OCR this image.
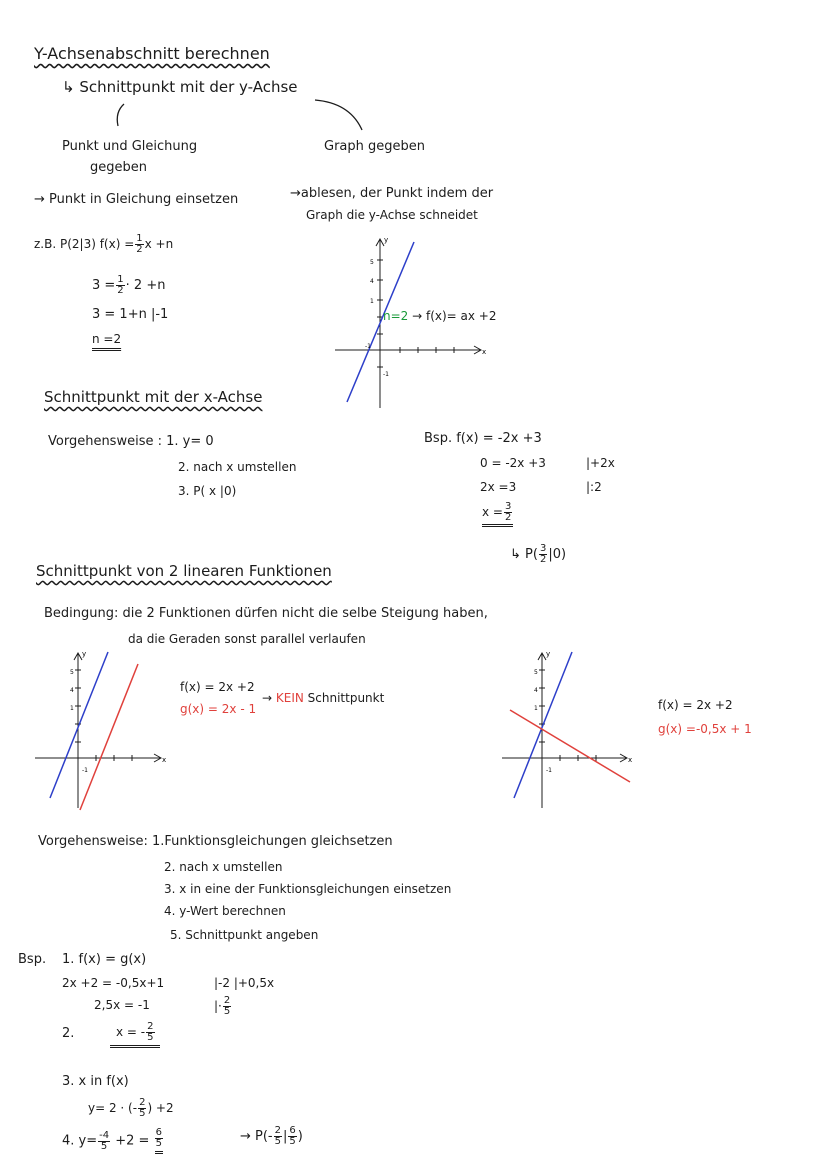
Y-Achsenabschnitt berechnen
↳ Schnittpunkt mit der y-Achse
Punkt und Gleichung
gegeben
→ Punkt in Gleichung einsetzen
Graph gegeben
→ablesen, der Punkt indem der
Graph die y-Achse schneidet
z.B. P(2|3) $f(x) = \frac{1}{2}$ x +n
$3 = \frac{1}{2} \cdot 2 +n$
3 = 1+n |-1
n =2
y
5
4
1
x
-1
-1
n=2 → f(x)= ax +2
Schnittpunkt mit der x-Achse
Vorgehensweise : 1. y= 0
2. nach x umstellen
3. P( x |0)
Bsp. f(x) = -2x +3
0 = -2x +3	|+2x
2x =3	|:2
$x = \frac{3}{2}$
↳ $P( \frac{3}{2} |0)$
Schnittpunkt von 2 linearen Funktionen
Bedingung: die 2 Funktionen dürfen nicht die selbe Steigung haben,
da die Geraden sonst parallel verlaufen
5
4
1
y
x
-1
f(x) = 2x +2
g(x) = 2x - 1
→ KEIN Schnittpunkt
5
4
1
y
x
-1
f(x) = 2x +2
g(x) =-0,5x + 1
Vorgehensweise: 1.Funktionsgleichungen gleichsetzen
2. nach x umstellen
3. x in eine der Funktionsgleichungen einsetzen
4. y-Wert berechnen
5. Schnittpunkt angeben
Bsp. 1. f(x) = g(x)
2x +2 = -0,5x+1	|-2 |+0,5x
|· $\frac{2}{5}$
2,5x = -1
2.	x = - $\frac{2}{5}$
3. x in f(x)
y= 2 · (- $\frac{2}{5}$ ) +2
4. $y= \frac{-4}{5} +2 = \frac{6}{5}$	→ $P(- \frac{2}{5}$ | $\frac{6}{5}$ )
